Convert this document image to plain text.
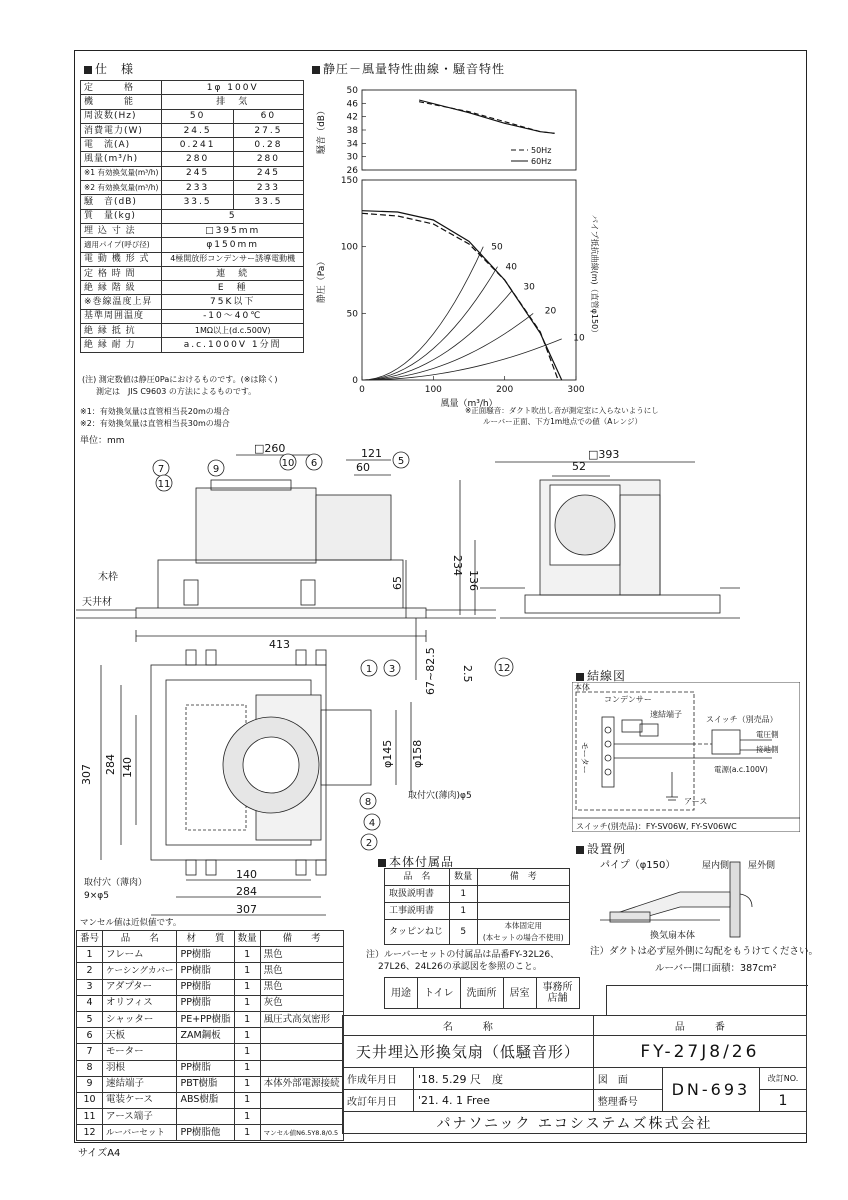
仕　様
定　　　格	1φ 100V	
機　　　能	排　気	
周波数(Hz)	50	60
消費電力(W)	24.5	27.5
電　流(A)	0.241	0.28
風量(m³/h)	280	280
※1 有効換気量(m³/h)	245	245
※2 有効換気量(m³/h)	233	233
騒　音(dB)	33.5	33.5
質　量(kg)	5	
埋 込 寸 法	□395mm	
適用パイプ(呼び径)	φ150mm	
電 動 機 形 式	4極開放形コンデンサー誘導電動機	
定 格 時 間	連　続	
絶 縁 階 級	E　種	
※巻線温度上昇	75K以下	
基準周囲温度	-10～40℃	
絶 縁 抵 抗	1MΩ以上(d.c.500V)	
絶 縁 耐 力	a.c.1000V 1分間	
(注) 測定数値は静圧0Paにおけるものです。(※は除く)
測定は　JIS C9603 の方法によるものです。
※1：有効換気量は直管相当長20mの場合
※2：有効換気量は直管相当長30mの場合
静圧－風量特性曲線・騒音特性
50
46
42
38
34
30
26
騒音（dB）	50Hz
60Hz
150
100
50
0
0	100	200	300
静圧（Pa）
風量（m³/h）
50
40
30
20
10
パイプ抵抗曲線(m)（直管φ150）
※正面騒音：ダクト吹出し音が測定室に入らないようにし
ルーバー正面、下方1m地点での値（Aレンジ）
単位：mm
□260	121
60
413
65
67~82.5
木枠
天井材
307 284 140	φ145 φ158
140
284
307
取付穴(薄肉)φ5
取付穴（薄肉）
9×φ5
7	9
10 6
11
5
1 3
8
4
2
□393
52
234
136
2.5	結線図
本体
コンデンサー
速結端子
モーター
スイッチ（別売品）
電圧側
接地側
電源(a.c.100V)
アース
スイッチ(別売品)：FY-SV06W, FY-SV06WC
設置例
パイプ（φ150）	屋内側 屋外側
換気扇本体
注）ダクトは必ず屋外側に勾配をもうけてください。
ルーバー開口面積：387cm²
本体付属品
品　名	数量	備　考
取扱説明書	1	
工事説明書	1	
タッピンねじ	5	本体固定用
(本セットの場合不使用)
注）ルーバーセットの付属品は品番FY-32L26、
27L26、24L26の承認図を参照のこと。
用途	トイレ	洗面所	居室	事務所
店舗
マンセル値は近似値です。
番号	品　　名	材　　質	数量	備　　考
1	フレーム	PP樹脂	1	黒色
2	ケーシングカバー	PP樹脂	1	黒色
3	アダプター	PP樹脂	1	黒色
4	オリフィス	PP樹脂	1	灰色
5	シャッター	PE+PP樹脂	1	風圧式高気密形
6	天板	ZAM鋼板	1	
7	モーター		1	
8	羽根	PP樹脂	1	
9	速結端子	PBT樹脂	1	本体外部電源接続
10	電装ケース	ABS樹脂	1	
11	アース端子		1	
12	ルーバーセット	PP樹脂他	1	マンセル値N6.5Y8.8/0.5
名　　　称		品　　　番		
天井埋込形換気扇（低騒音形）		FY-27J8/26		
作成年月日	'18. 5.29 尺　度	図　面	DN-693	改訂NO.
改訂年月日	'21. 4. 1 Free	整理番号		1
パナソニック エコシステムズ株式会社				
サイズA4
12
